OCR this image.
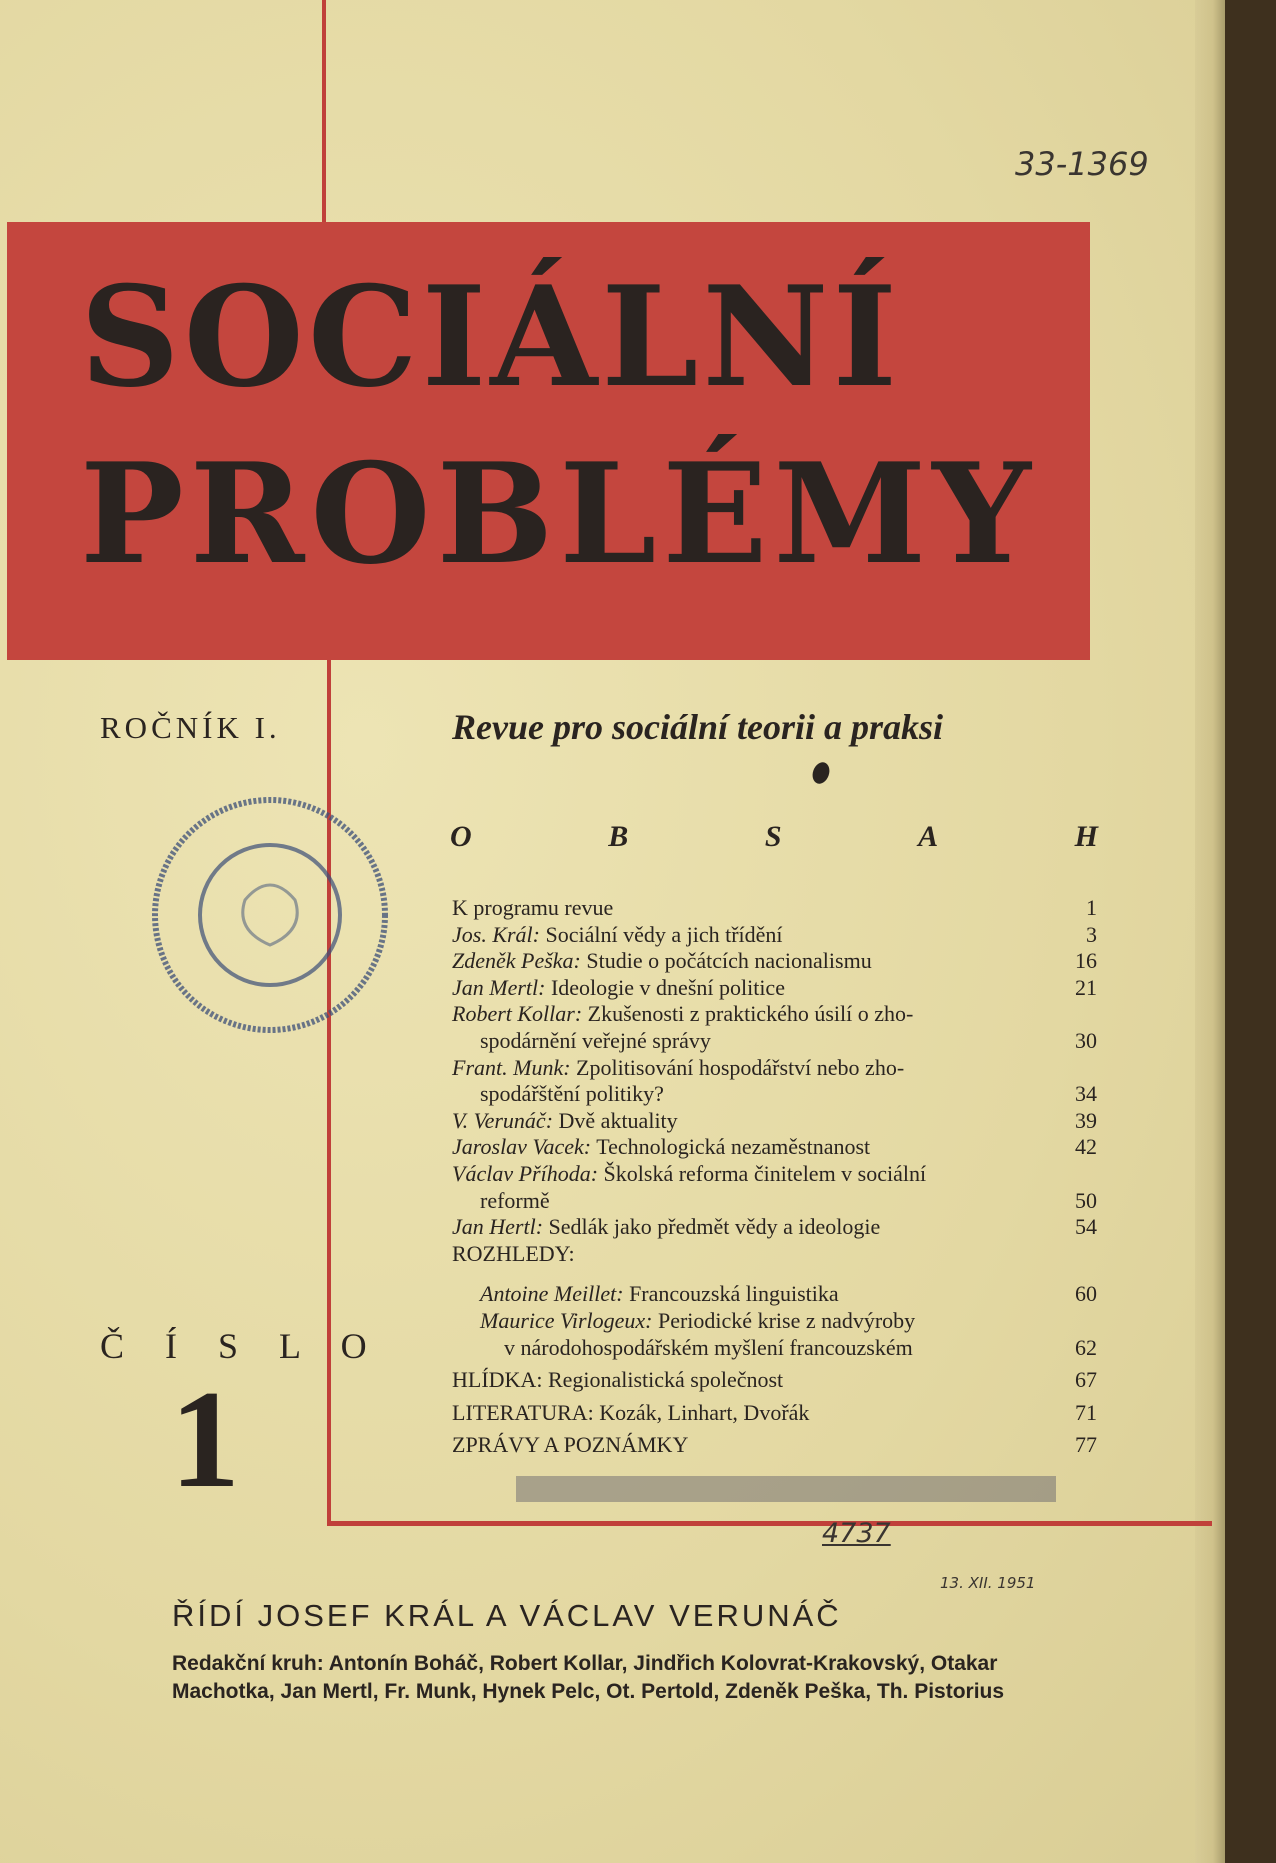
SOCIÁLNÍ
PROBLÉMY
33-1369
ROČNÍK I.	Revue pro sociální teorii a praksi
O	B	S	A	H
K programu revue	1
Jos. Král: Sociální vědy a jich třídění	3
Zdeněk Peška: Studie o počátcích nacionalismu	16
Jan Mertl: Ideologie v dnešní politice	21
Robert Kollar: Zkušenosti z praktického úsilí o zho-
spodárnění veřejné správy	30
Frant. Munk: Zpolitisování hospodářství nebo zho-
spodářštění politiky?	34
V. Verunáč: Dvě aktuality	39
Jaroslav Vacek: Technologická nezaměstnanost	42
Václav Příhoda: Školská reforma činitelem v sociální
reformě	50
Jan Hertl: Sedlák jako předmět vědy a ideologie	54
ROZHLEDY:
Antoine Meillet: Francouzská linguistika	60
Maurice Virlogeux: Periodické krise z nadvýroby
v národohospodářském myšlení francouzském	62
HLÍDKA: Regionalistická společnost	67
LITERATURA: Kozák, Linhart, Dvořák	71
ZPRÁVY A POZNÁMKY	77
Č Í S L O
1
4737
13. XII. 1951
ŘÍDÍ JOSEF KRÁL A VÁCLAV VERUNÁČ
Redakční kruh: Antonín Boháč, Robert Kollar, Jindřich Kolovrat-Krakovský, Otakar Machotka, Jan Mertl, Fr. Munk, Hynek Pelc, Ot. Pertold, Zdeněk Peška, Th. Pistorius
